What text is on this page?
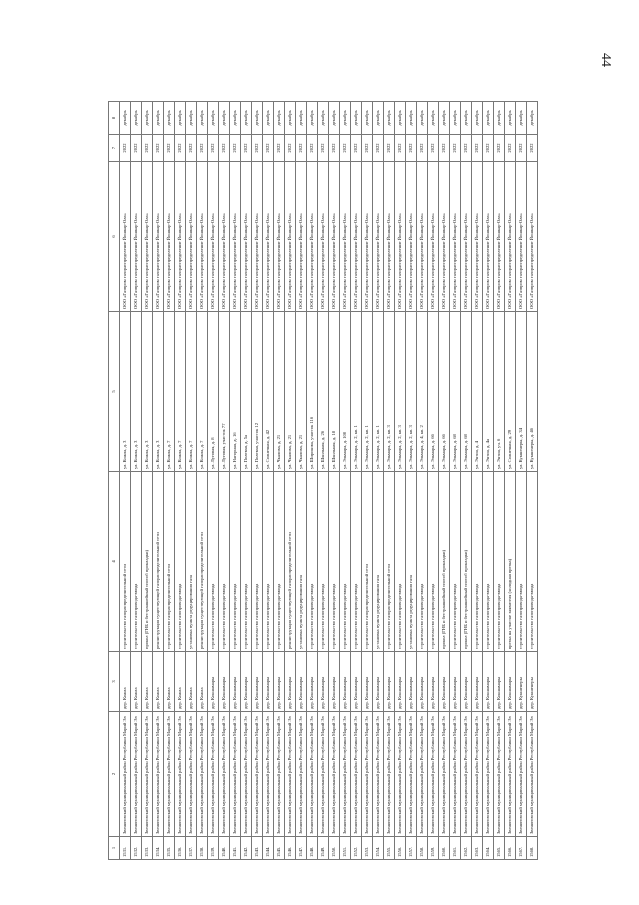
44
1	2	3	4	5	6	7	8
1531.	Звениговский муниципальный район Республики Марий Эл	дер. Кожла	строительство газораспределительной сети	ул. Кожла, д. 3	ООО «Газпром газораспределение Йошкар-Ола»	2022	декабрь
1532.	Звениговский муниципальный район Республики Марий Эл	дер. Кожла	строительство газопровода-ввода	ул. Кожла, д. 3	ООО «Газпром газораспределение Йошкар-Ола»	2022	декабрь
1533.	Звениговский муниципальный район Республики Марий Эл	дер. Кожла	прокол (ГНБ и бестраншейный способ прокладки)	ул. Кожла, д. 3	ООО «Газпром газораспределение Йошкар-Ола»	2022	декабрь
1534.	Звениговский муниципальный район Республики Марий Эл	дер. Кожла	реконструкция существующей газораспределительной сети	ул. Кожла, д. 3	ООО «Газпром газораспределение Йошкар-Ола»	2022	декабрь
1535.	Звениговский муниципальный район Республики Марий Эл	дер. Кожла	строительство газораспределительной сети	ул. Кожла, д. 7	ООО «Газпром газораспределение Йошкар-Ола»	2022	декабрь
1536.	Звениговский муниципальный район Республики Марий Эл	дер. Кожла	строительство газопровода-ввода	ул. Кожла, д. 7	ООО «Газпром газораспределение Йошкар-Ола»	2022	декабрь
1537.	Звениговский муниципальный район Республики Марий Эл	дер. Кожла	установка пункта редуцирования газа	ул. Кожла, д. 7	ООО «Газпром газораспределение Йошкар-Ола»	2022	декабрь
1538.	Звениговский муниципальный район Республики Марий Эл	дер. Кожла	реконструкция существующей газораспределительной сети	ул. Кожла, д. 7	ООО «Газпром газораспределение Йошкар-Ола»	2022	декабрь
1539.	Звениговский муниципальный район Республики Марий Эл	дер. Кокшамары	строительство газопровода-ввода	ул. Луговая, д. 8	ООО «Газпром газораспределение Йошкар-Ола»	2022	декабрь
1540.	Звениговский муниципальный район Республики Марий Эл	дер. Кокшамары	строительство газопровода-ввода	ул. Луговая, участок 77	ООО «Газпром газораспределение Йошкар-Ола»	2022	декабрь
1541.	Звениговский муниципальный район Республики Марий Эл	дер. Кокшамары	строительство газопровода-ввода	ул. Нагорная, д. 16	ООО «Газпром газораспределение Йошкар-Ола»	2022	декабрь
1542.	Звениговский муниципальный район Республики Марий Эл	дер. Кокшамары	строительство газопровода-ввода	ул. Полевая, д. 5а	ООО «Газпром газораспределение Йошкар-Ола»	2022	декабрь
1543.	Звениговский муниципальный район Республики Марий Эл	дер. Кокшамары	строительство газопровода-ввода	ул. Полевая, участок 12	ООО «Газпром газораспределение Йошкар-Ола»	2022	декабрь
1544.	Звениговский муниципальный район Республики Марий Эл	дер. Кокшамары	строительство газопровода-ввода	ул. Солнечная, д. 42	ООО «Газпром газораспределение Йошкар-Ола»	2022	декабрь
1545.	Звениговский муниципальный район Республики Марий Эл	дер. Кокшамары	строительство газопровода-ввода	ул. Чкалова, д. 21	ООО «Газпром газораспределение Йошкар-Ола»	2022	декабрь
1546.	Звениговский муниципальный район Республики Марий Эл	дер. Кокшамары	реконструкция существующей газораспределительной сети	ул. Чкалова, д. 21	ООО «Газпром газораспределение Йошкар-Ола»	2022	декабрь
1547.	Звениговский муниципальный район Республики Марий Эл	дер. Кокшамары	установка пункта редуцирования газа	ул. Чкалова, д. 21	ООО «Газпром газораспределение Йошкар-Ола»	2022	декабрь
1548.	Звениговский муниципальный район Республики Марий Эл	дер. Кокшамары	строительство газопровода-ввода	ул. Широкова, участок 116	ООО «Газпром газораспределение Йошкар-Ола»	2022	декабрь
1549.	Звениговский муниципальный район Республики Марий Эл	дер. Кокшамары	строительство газопровода-ввода	ул. Школьная, д. 26	ООО «Газпром газораспределение Йошкар-Ола»	2022	декабрь
1550.	Звениговский муниципальный район Республики Марий Эл	дер. Кокшамары	строительство газопровода-ввода	ул. Школьная, д. 18	ООО «Газпром газораспределение Йошкар-Ола»	2022	декабрь
1551.	Звениговский муниципальный район Республики Марий Эл	дер. Кокшамары	строительство газопровода-ввода	ул. Эльмара, д. 100	ООО «Газпром газораспределение Йошкар-Ола»	2022	декабрь
1552.	Звениговский муниципальный район Республики Марий Эл	дер. Кокшамары	строительство газопровода-ввода	ул. Эльмара, д. 2, кв. 1	ООО «Газпром газораспределение Йошкар-Ола»	2022	декабрь
1553.	Звениговский муниципальный район Республики Марий Эл	дер. Кокшамары	строительство газораспределительной сети	ул. Эльмара, д. 2, кв. 1	ООО «Газпром газораспределение Йошкар-Ола»	2022	декабрь
1554.	Звениговский муниципальный район Республики Марий Эл	дер. Кокшамары	установка пункта редуцирования газа	ул. Эльмара, д. 2, кв. 1	ООО «Газпром газораспределение Йошкар-Ола»	2022	декабрь
1555.	Звениговский муниципальный район Республики Марий Эл	дер. Кокшамары	строительство газораспределительной сети	ул. Эльмара, д. 2, кв. 3	ООО «Газпром газораспределение Йошкар-Ола»	2022	декабрь
1556.	Звениговский муниципальный район Республики Марий Эл	дер. Кокшамары	строительство газопровода-ввода	ул. Эльмара, д. 2, кв. 3	ООО «Газпром газораспределение Йошкар-Ола»	2022	декабрь
1557.	Звениговский муниципальный район Республики Марий Эл	дер. Кокшамары	установка пункта редуцирования газа	ул. Эльмара, д. 2, кв. 3	ООО «Газпром газораспределение Йошкар-Ола»	2022	декабрь
1558.	Звениговский муниципальный район Республики Марий Эл	дер. Кокшамары	строительство газопровода-ввода	ул. Эльмара, д. 4, кв. 2	ООО «Газпром газораспределение Йошкар-Ола»	2022	декабрь
1559.	Звениговский муниципальный район Республики Марий Эл	дер. Кокшамары	строительство газопровода-ввода	ул. Эльмара, д. 66	ООО «Газпром газораспределение Йошкар-Ола»	2022	декабрь
1560.	Звениговский муниципальный район Республики Марий Эл	дер. Кокшамары	прокол (ГНБ и бестраншейный способ прокладки)	ул. Эльмара, д. 66	ООО «Газпром газораспределение Йошкар-Ола»	2022	декабрь
1561.	Звениговский муниципальный район Республики Марий Эл	дер. Кокшамары	строительство газопровода-ввода	ул. Эльмара, д. 68	ООО «Газпром газораспределение Йошкар-Ола»	2022	декабрь
1562.	Звениговский муниципальный район Республики Марий Эл	дер. Кокшамары	прокол (ГНБ и бестраншейный способ прокладки)	ул. Эльмара, д. 68	ООО «Газпром газораспределение Йошкар-Ола»	2022	декабрь
1563.	Звениговский муниципальный район Республики Марий Эл	дер. Кокшамары	строительство газопровода-ввода	ул. Энтия, д. 4	ООО «Газпром газораспределение Йошкар-Ола»	2022	декабрь
1564.	Звениговский муниципальный район Республики Марий Эл	дер. Кокшамары	строительство газопровода-ввода	ул. Энтия, д. 4а	ООО «Газпром газораспределение Йошкар-Ола»	2022	декабрь
1565.	Звениговский муниципальный район Республики Марий Эл	дер. Кокшамары	строительство газопровода-ввода	ул. Энтия, уч. 6	ООО «Газпром газораспределение Йошкар-Ола»	2022	декабрь
1566.	Звениговский муниципальный район Республики Марий Эл	дер. Кокшамары	врезка на участке заявителя (холодная врезка)	ул. Солнечная, д. 29	ООО «Газпром газораспределение Йошкар-Ола»	2022	декабрь
1567.	Звениговский муниципальный район Республики Марий Эл	дер. Кукшенеры	строительство газопровода-ввода	ул. Кукшенеры, д. 34	ООО «Газпром газораспределение Йошкар-Ола»	2022	декабрь
1568.	Звениговский муниципальный район Республики Марий Эл	дер. Кукшенеры	строительство газопровода-ввода	ул. Кукшенеры, д. 46	ООО «Газпром газораспределение Йошкар-Ола»	2022	декабрь
